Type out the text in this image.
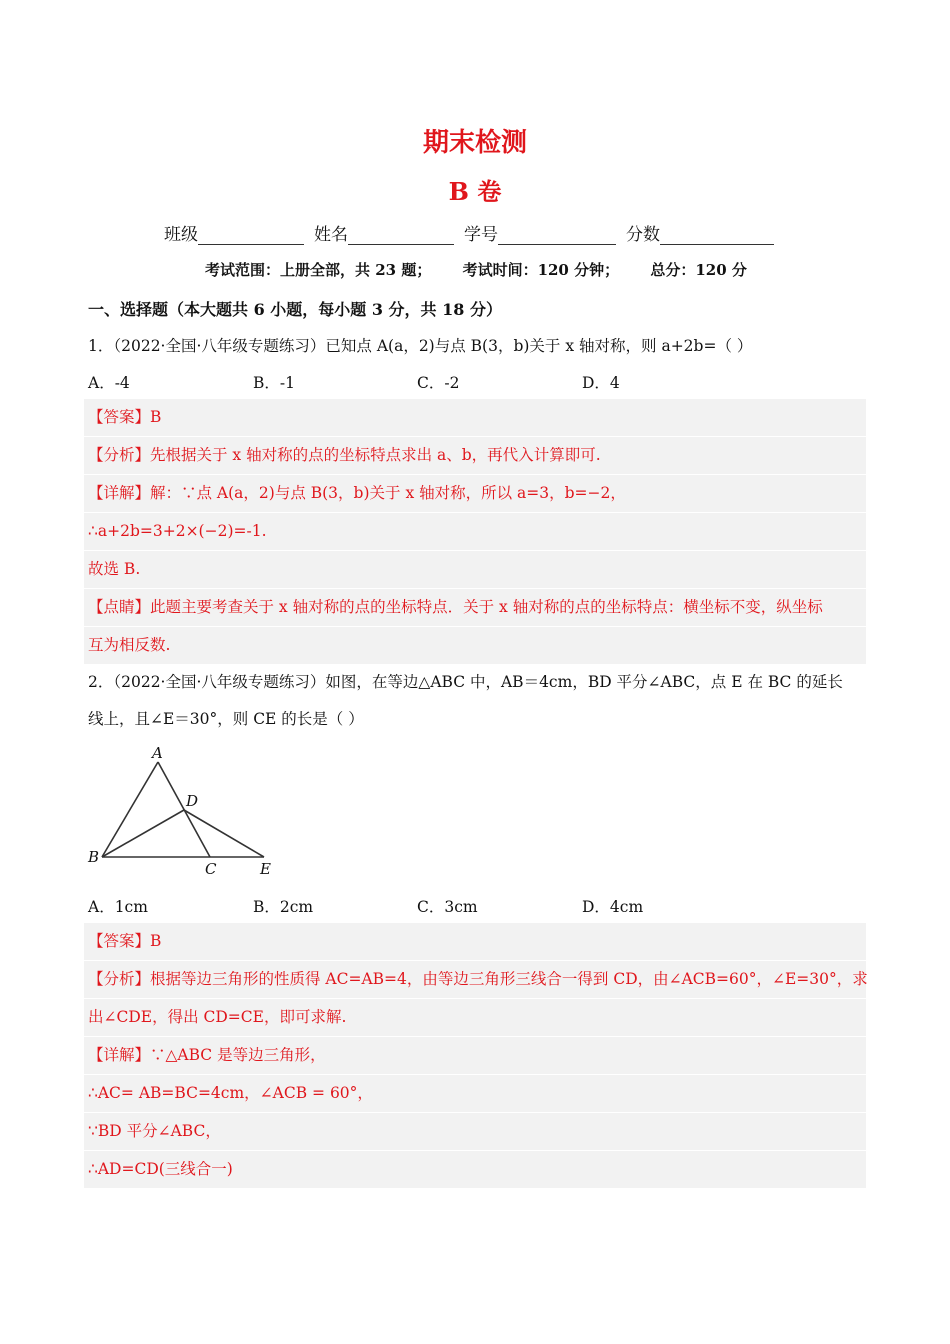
期末检测
B 卷
班级	姓名	学号	分数
考试范围：上册全部，共 23 题； 考试时间：120 分钟； 总分：120 分
一、选择题（本大题共 6 小题，每小题 3 分，共 18 分）
1．（2022·全国·八年级专题练习）已知点 A(a，2)与点 B(3，b)关于 x 轴对称，则 a+2b=（ ）
A．-4	B．-1	C．-2	D．4
【答案】B
【分析】先根据关于 x 轴对称的点的坐标特点求出 a、b，再代入计算即可.
【详解】解：∵点 A(a，2)与点 B(3，b)关于 x 轴对称，所以 a=3，b=−2，
∴a+2b=3+2×(−2)=-1.
故选 B.
【点睛】此题主要考查关于 x 轴对称的点的坐标特点．关于 x 轴对称的点的坐标特点：横坐标不变，纵坐标
互为相反数.
2．（2022·全国·八年级专题练习）如图，在等边△ABC 中，AB＝4cm，BD 平分∠ABC，点 E 在 BC 的延长
线上，且∠E＝30°，则 CE 的长是（ ）
A
D
B
C	E
A．1cm	B．2cm	C．3cm	D．4cm
【答案】B
【分析】根据等边三角形的性质得 AC=AB=4，由等边三角形三线合一得到 CD，由∠ACB=60°，∠E=30°，求
出∠CDE，得出 CD=CE，即可求解.
【详解】∵△ABC 是等边三角形，
∴AC= AB=BC=4cm，∠ACB = 60°，
∵BD 平分∠ABC，
∴AD=CD(三线合一)
